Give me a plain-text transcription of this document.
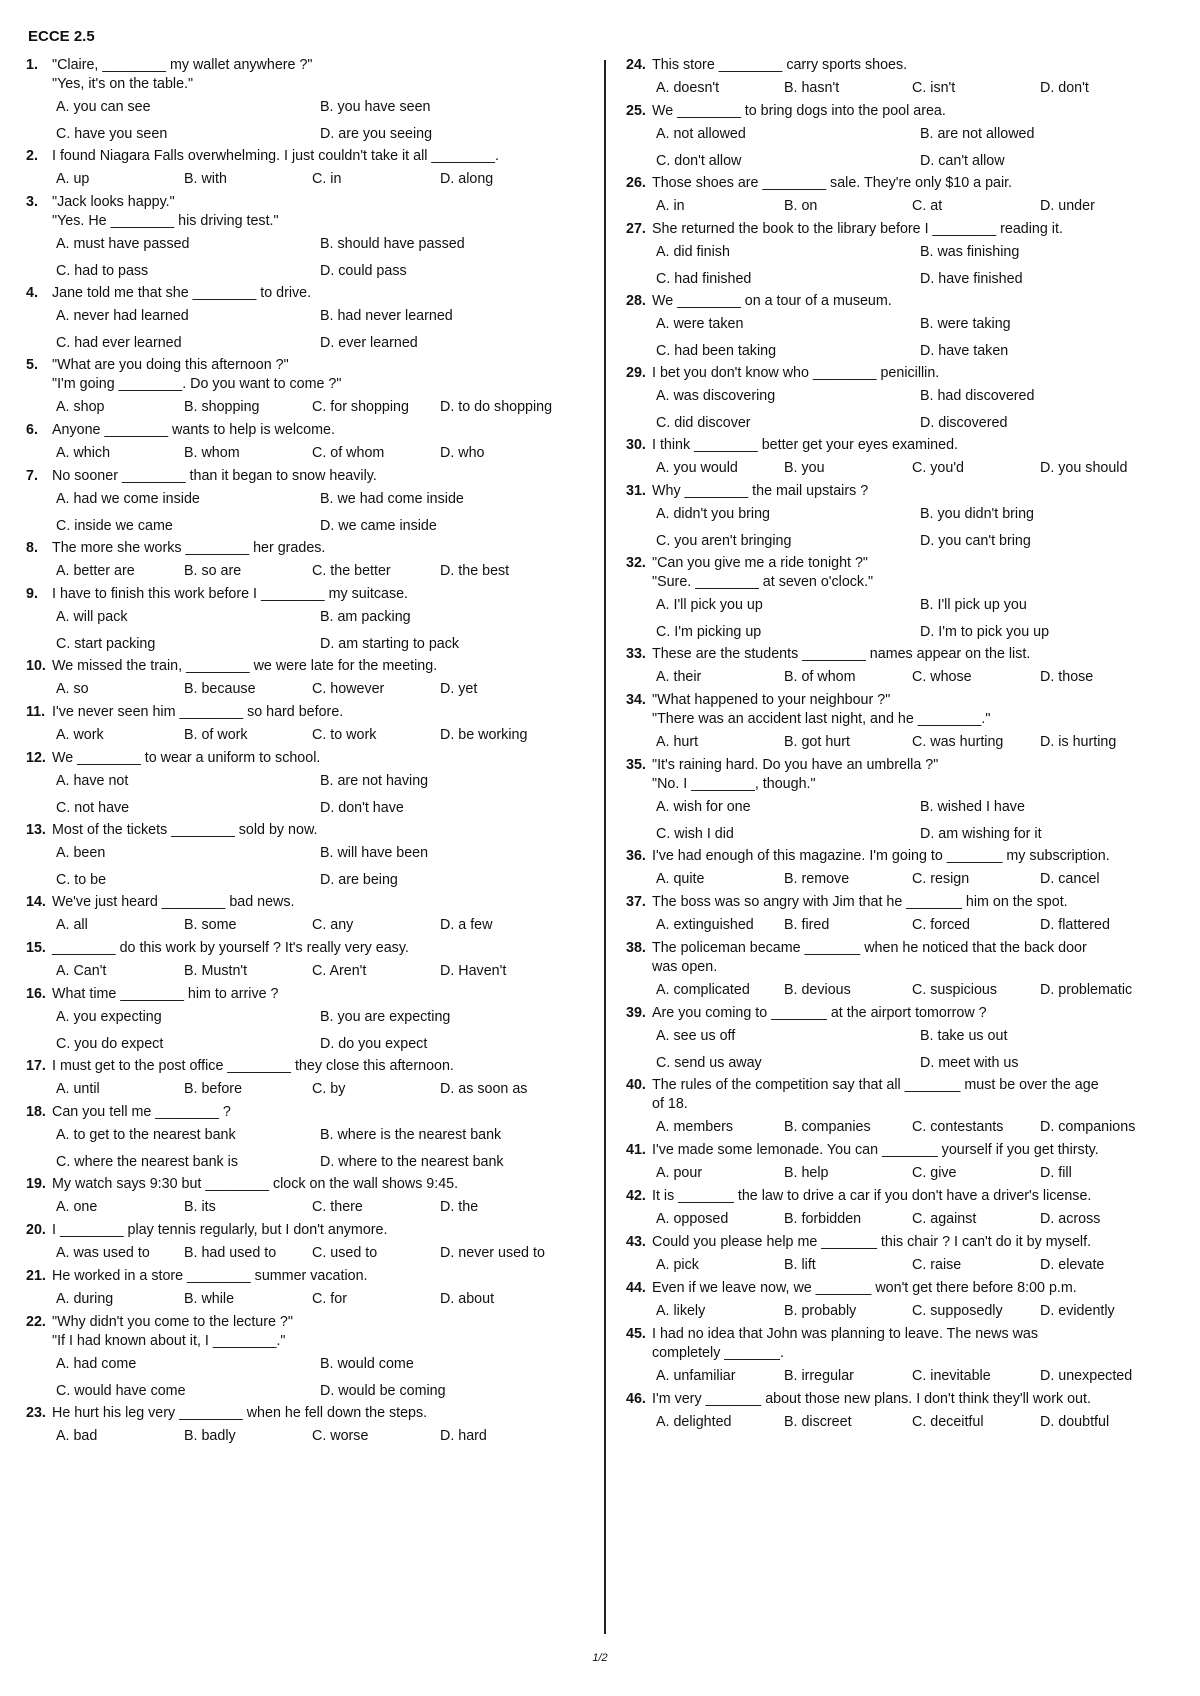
ECCE 2.5
1. "Claire, ________ my wallet anywhere ?"
"Yes, it's on the table."
A. you can see	B. you have seen
C. have you seen	D. are you seeing
2. I found Niagara Falls overwhelming. I just couldn't take it all ________.
A. up	B. with	C. in	D. along
3. "Jack looks happy."
"Yes. He ________ his driving test."
A. must have passed	B. should have passed
C. had to pass	D. could pass
4. Jane told me that she ________ to drive.
A. never had learned	B. had never learned
C. had ever learned	D. ever learned
5. "What are you doing this afternoon ?"
"I'm going ________. Do you want to come ?"
A. shop	B. shopping	C. for shopping	D. to do shopping
6. Anyone ________ wants to help is welcome.
A. which	B. whom	C. of whom	D. who
7. No sooner ________ than it began to snow heavily.
A. had we come inside	B. we had come inside
C. inside we came	D. we came inside
8. The more she works ________ her grades.
A. better are	B. so are	C. the better	D. the best
9. I have to finish this work before I ________ my suitcase.
A. will pack	B. am packing
C. start packing	D. am starting to pack
10. We missed the train, ________ we were late for the meeting.
A. so	B. because	C. however	D. yet
11. I've never seen him ________ so hard before.
A. work	B. of work	C. to work	D. be working
12. We ________ to wear a uniform to school.
A. have not	B. are not having
C. not have	D. don't have
13. Most of the tickets ________ sold by now.
A. been	B. will have been
C. to be	D. are being
14. We've just heard ________ bad news.
A. all	B. some	C. any	D. a few
15. ________ do this work by yourself ? It's really very easy.
A. Can't	B. Mustn't	C. Aren't	D. Haven't
16. What time ________ him to arrive ?
A. you expecting	B. you are expecting
C. you do expect	D. do you expect
17. I must get to the post office ________ they close this afternoon.
A. until	B. before	C. by	D. as soon as
18. Can you tell me ________ ?
A. to get to the nearest bank	B. where is the nearest bank
C. where the nearest bank is	D. where to the nearest bank
19. My watch says 9:30 but ________ clock on the wall shows 9:45.
A. one	B. its	C. there	D. the
20. I ________ play tennis regularly, but I don't anymore.
A. was used to	B. had used to	C. used to	D. never used to
21. He worked in a store ________ summer vacation.
A. during	B. while	C. for	D. about
22. "Why didn't you come to the lecture ?"
"If I had known about it, I ________."
A. had come	B. would come
C. would have come	D. would be coming
23. He hurt his leg very ________ when he fell down the steps.
A. bad	B. badly	C. worse	D. hard
24. This store ________ carry sports shoes.
A. doesn't	B. hasn't	C. isn't	D. don't
25. We ________ to bring dogs into the pool area.
A. not allowed	B. are not allowed
C. don't allow	D. can't allow
26. Those shoes are ________ sale. They're only $10 a pair.
A. in	B. on	C. at	D. under
27. She returned the book to the library before I ________ reading it.
A. did finish	B. was finishing
C. had finished	D. have finished
28. We ________ on a tour of a museum.
A. were taken	B. were taking
C. had been taking	D. have taken
29. I bet you don't know who ________ penicillin.
A. was discovering	B. had discovered
C. did discover	D. discovered
30. I think ________ better get your eyes examined.
A. you would	B. you	C. you'd	D. you should
31. Why ________ the mail upstairs ?
A. didn't you bring	B. you didn't bring
C. you aren't bringing	D. you can't bring
32. "Can you give me a ride tonight ?"
"Sure. ________ at seven o'clock."
A. I'll pick you up	B. I'll pick up you
C. I'm picking up	D. I'm to pick you up
33. These are the students ________ names appear on the list.
A. their	B. of whom	C. whose	D. those
34. "What happened to your neighbour ?"
"There was an accident last night, and he ________."
A. hurt	B. got hurt	C. was hurting	D. is hurting
35. "It's raining hard. Do you have an umbrella ?"
"No. I ________, though."
A. wish for one	B. wished I have
C. wish I did	D. am wishing for it
36. I've had enough of this magazine. I'm going to _______ my subscription.
A. quite	B. remove	C. resign	D. cancel
37. The boss was so angry with Jim that he _______ him on the spot.
A. extinguished	B. fired	C. forced	D. flattered
38. The policeman became _______ when he noticed that the back door
was open.
A. complicated	B. devious	C. suspicious	D. problematic
39. Are you coming to _______ at the airport tomorrow ?
A. see us off	B. take us out
C. send us away	D. meet with us
40. The rules of the competition say that all _______ must be over the age
of 18.
A. members	B. companies	C. contestants	D. companions
41. I've made some lemonade. You can _______ yourself if you get thirsty.
A. pour	B. help	C. give	D. fill
42. It is _______ the law to drive a car if you don't have a driver's license.
A. opposed	B. forbidden	C. against	D. across
43. Could you please help me _______ this chair ? I can't do it by myself.
A. pick	B. lift	C. raise	D. elevate
44. Even if we leave now, we _______ won't get there before 8:00 p.m.
A. likely	B. probably	C. supposedly	D. evidently
45. I had no idea that John was planning to leave. The news was
completely _______.
A. unfamiliar	B. irregular	C. inevitable	D. unexpected
46. I'm very _______ about those new plans. I don't think they'll work out.
A. delighted	B. discreet	C. deceitful	D. doubtful
1/2
